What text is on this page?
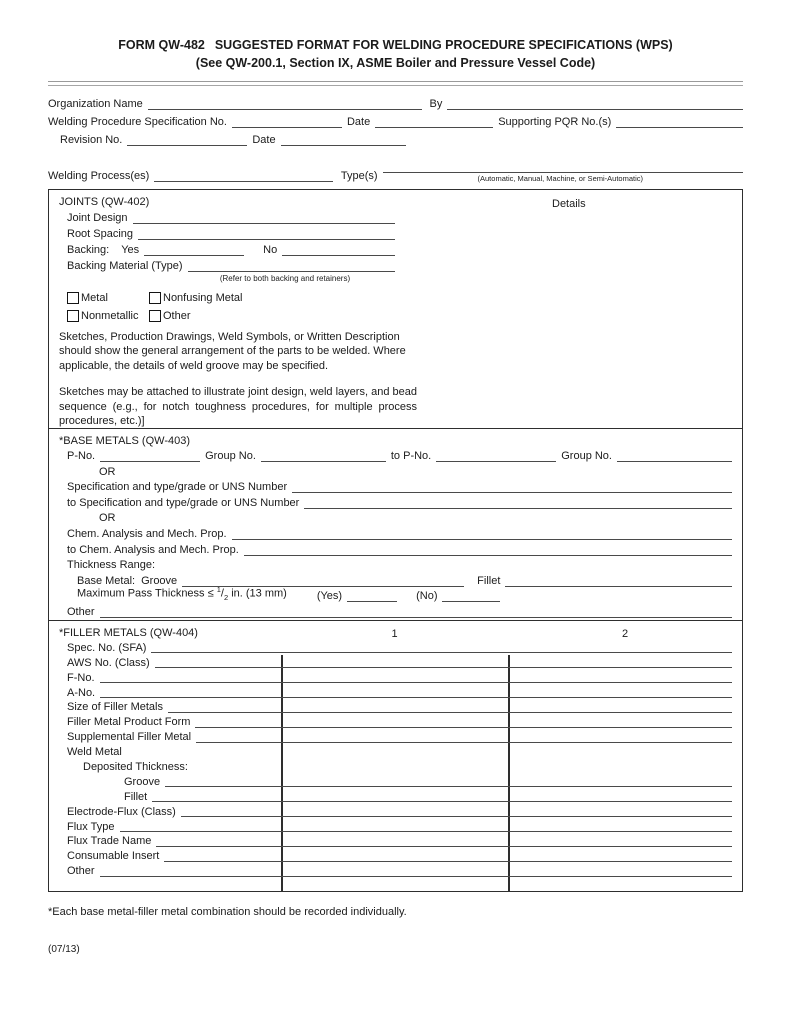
FORM QW-482 SUGGESTED FORMAT FOR WELDING PROCEDURE SPECIFICATIONS (WPS)
(See QW-200.1, Section IX, ASME Boiler and Pressure Vessel Code)
Organization Name	By
Welding Procedure Specification No.	Date	Supporting PQR No.(s)
Revision No.	Date
Welding Process(es)	Type(s)	(Automatic, Manual, Machine, or Semi-Automatic)
JOINTS (QW-402)	Details
Joint Design
Root Spacing
Backing: Yes	No
Backing Material (Type)
(Refer to both backing and retainers)
Metal	Nonfusing Metal
Nonmetallic Other
Sketches, Production Drawings, Weld Symbols, or Written Description should show the general arrangement of the parts to be welded. Where applicable, the details of weld groove may be specified.
Sketches may be attached to illustrate joint design, weld layers, and bead sequence (e.g., for notch toughness procedures, for multiple process procedures, etc.)]
*BASE METALS (QW-403)
P-No.	Group No.	to P-No.	Group No.
OR
Specification and type/grade or UNS Number
to Specification and type/grade or UNS Number
OR
Chem. Analysis and Mech. Prop.
to Chem. Analysis and Mech. Prop.
Thickness Range:
Base Metal: Groove	Fillet
Maximum Pass Thickness ≤ $^1/_2$ in. (13 mm)	(Yes)	(No)
Other
*FILLER METALS (QW-404)	1	2
Spec. No. (SFA)
AWS No. (Class)
F-No.
A-No.
Size of Filler Metals
Filler Metal Product Form
Supplemental Filler Metal
Weld Metal
Deposited Thickness:
Groove
Fillet
Electrode-Flux (Class)
Flux Type
Flux Trade Name
Consumable Insert
Other
*Each base metal-filler metal combination should be recorded individually.
(07/13)
